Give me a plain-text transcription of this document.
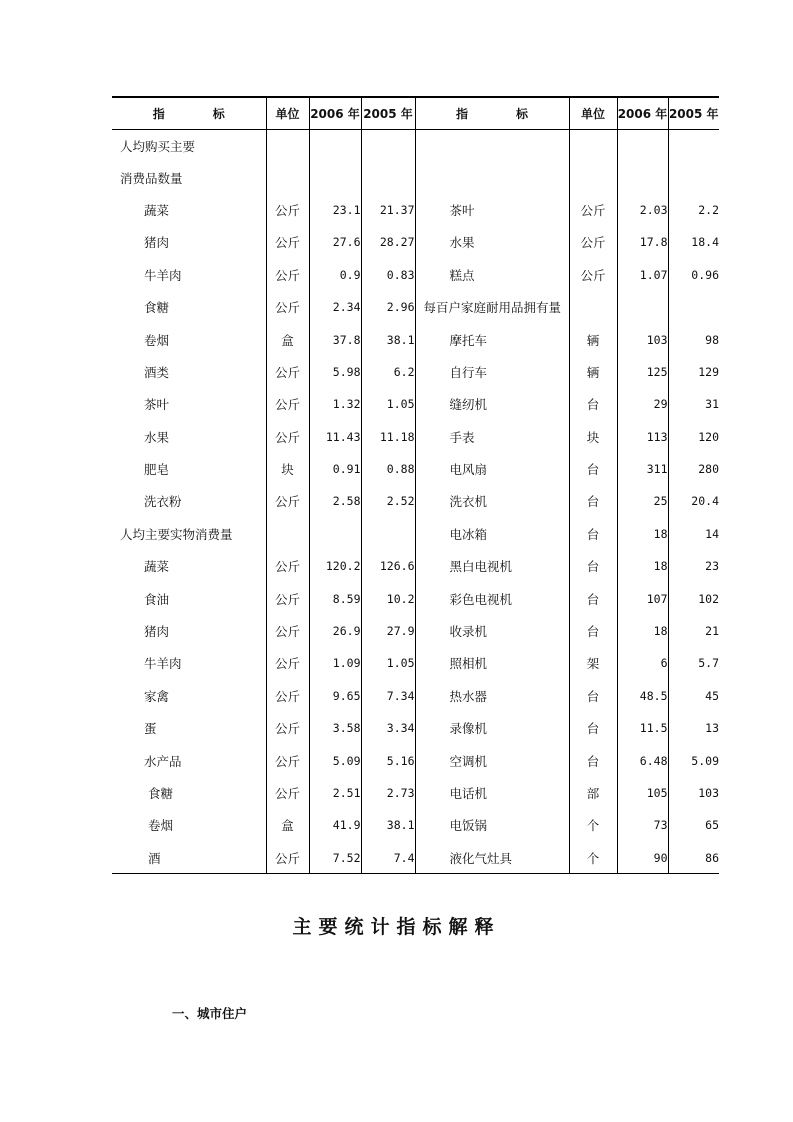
指　　　　标	单位	2006 年	2005 年	指　　　　标	单位	2006 年	2005 年
人均购买主要							
消费品数量							
蔬菜	公斤	23.1	21.37	茶叶	公斤	2.03	2.2
猪肉	公斤	27.6	28.27	水果	公斤	17.8	18.4
牛羊肉	公斤	0.9	0.83	糕点	公斤	1.07	0.96
食糖	公斤	2.34	2.96	每百户家庭耐用品拥有量			
卷烟	盒	37.8	38.1	摩托车	辆	103	98
酒类	公斤	5.98	6.2	自行车	辆	125	129
茶叶	公斤	1.32	1.05	缝纫机	台	29	31
水果	公斤	11.43	11.18	手表	块	113	120
肥皂	块	0.91	0.88	电风扇	台	311	280
洗衣粉	公斤	2.58	2.52	洗衣机	台	25	20.4
人均主要实物消费量				电冰箱	台	18	14
蔬菜	公斤	120.2	126.6	黑白电视机	台	18	23
食油	公斤	8.59	10.2	彩色电视机	台	107	102
猪肉	公斤	26.9	27.9	收录机	台	18	21
牛羊肉	公斤	1.09	1.05	照相机	架	6	5.7
家禽	公斤	9.65	7.34	热水器	台	48.5	45
蛋	公斤	3.58	3.34	录像机	台	11.5	13
水产品	公斤	5.09	5.16	空调机	台	6.48	5.09
食糖	公斤	2.51	2.73	电话机	部	105	103
卷烟	盒	41.9	38.1	电饭锅	个	73	65
酒	公斤	7.52	7.4	液化气灶具	个	90	86
主要统计指标解释

一、城市住户
